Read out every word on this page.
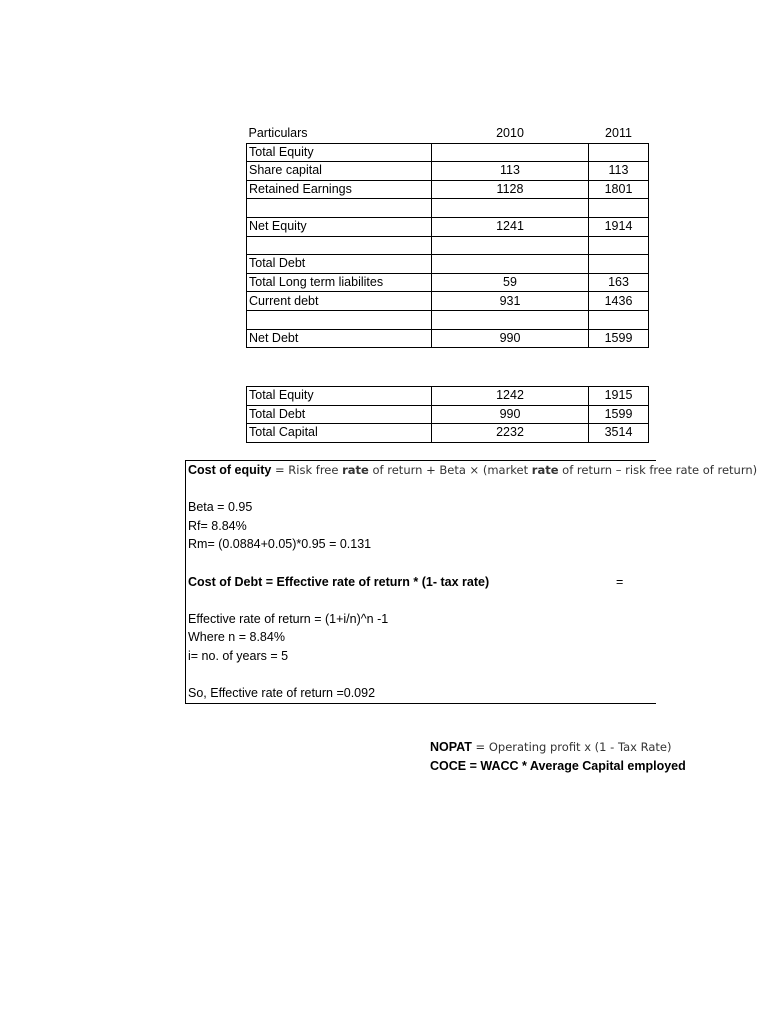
Particulars	2010	2011
Total Equity		
Share capital	113	113
Retained Earnings	1128	1801

Net Equity	1241	1914

Total Debt		
Total Long term liabilites	59	163
Current debt	931	1436

Net Debt	990	1599
Total Equity	1242	1915
Total Debt	990	1599
Total Capital	2232	3514
Cost of equity = Risk free rate of return + Beta × (market rate of return – risk free rate of return)
Beta = 0.95
Rf= 8.84%
Rm= (0.0884+0.05)*0.95 = 0.131
Cost of Debt = Effective rate of return * (1- tax rate)	=
Effective rate of return = (1+i/n)^n -1
Where n = 8.84%
i= no. of years = 5
So, Effective rate of return =0.092
NOPAT = Operating profit x (1 - Tax Rate)
COCE = WACC * Average Capital employed
